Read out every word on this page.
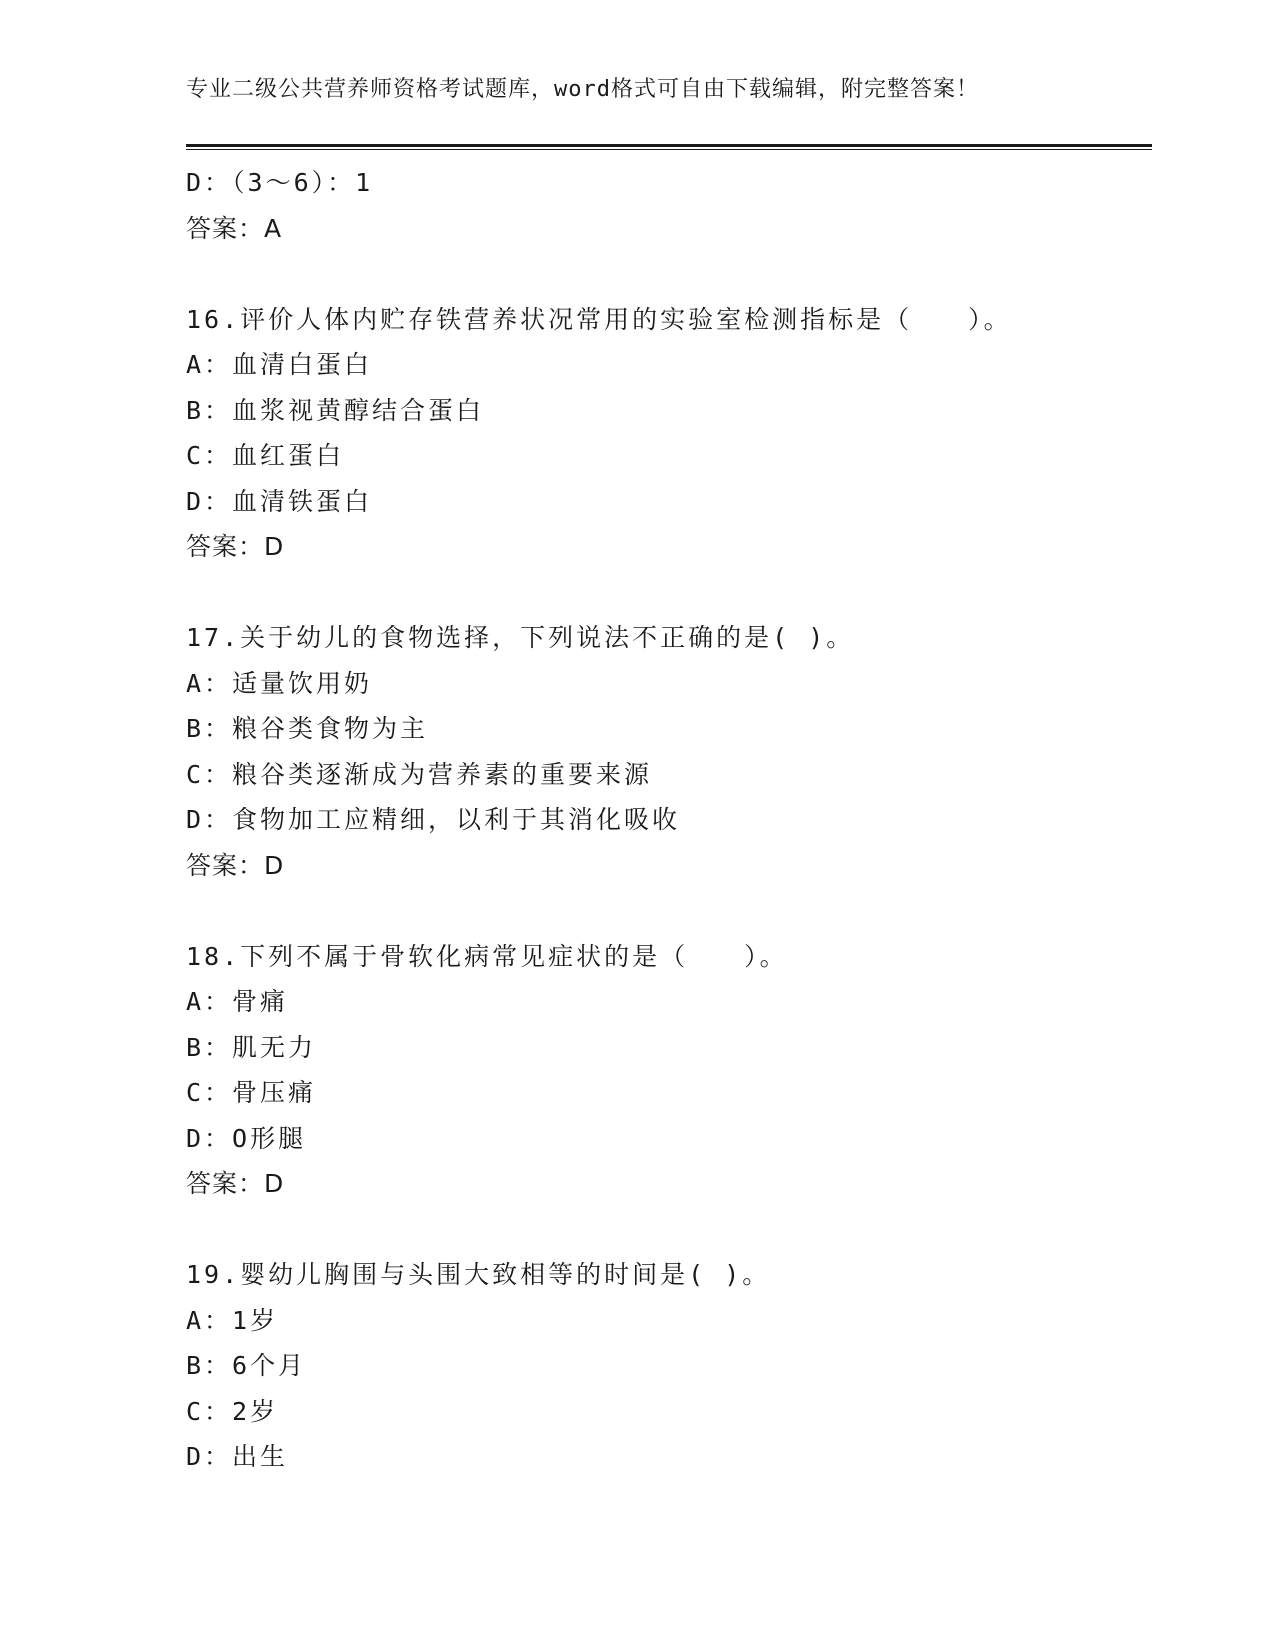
专业二级公共营养师资格考试题库，word格式可自由下载编辑，附完整答案！
D：（3～6）：1
答案：A
16.评价人体内贮存铁营养状况常用的实验室检测指标是（　　）。
A：血清白蛋白
B：血浆视黄醇结合蛋白
C：血红蛋白
D：血清铁蛋白
答案：D
17.关于幼儿的食物选择，下列说法不正确的是( )。
A：适量饮用奶
B：粮谷类食物为主
C：粮谷类逐渐成为营养素的重要来源
D：食物加工应精细，以利于其消化吸收
答案：D
18.下列不属于骨软化病常见症状的是（　　）。
A：骨痛
B：肌无力
C：骨压痛
D：O形腿
答案：D
19.婴幼儿胸围与头围大致相等的时间是( )。
A：1岁
B：6个月
C：2岁
D：出生
